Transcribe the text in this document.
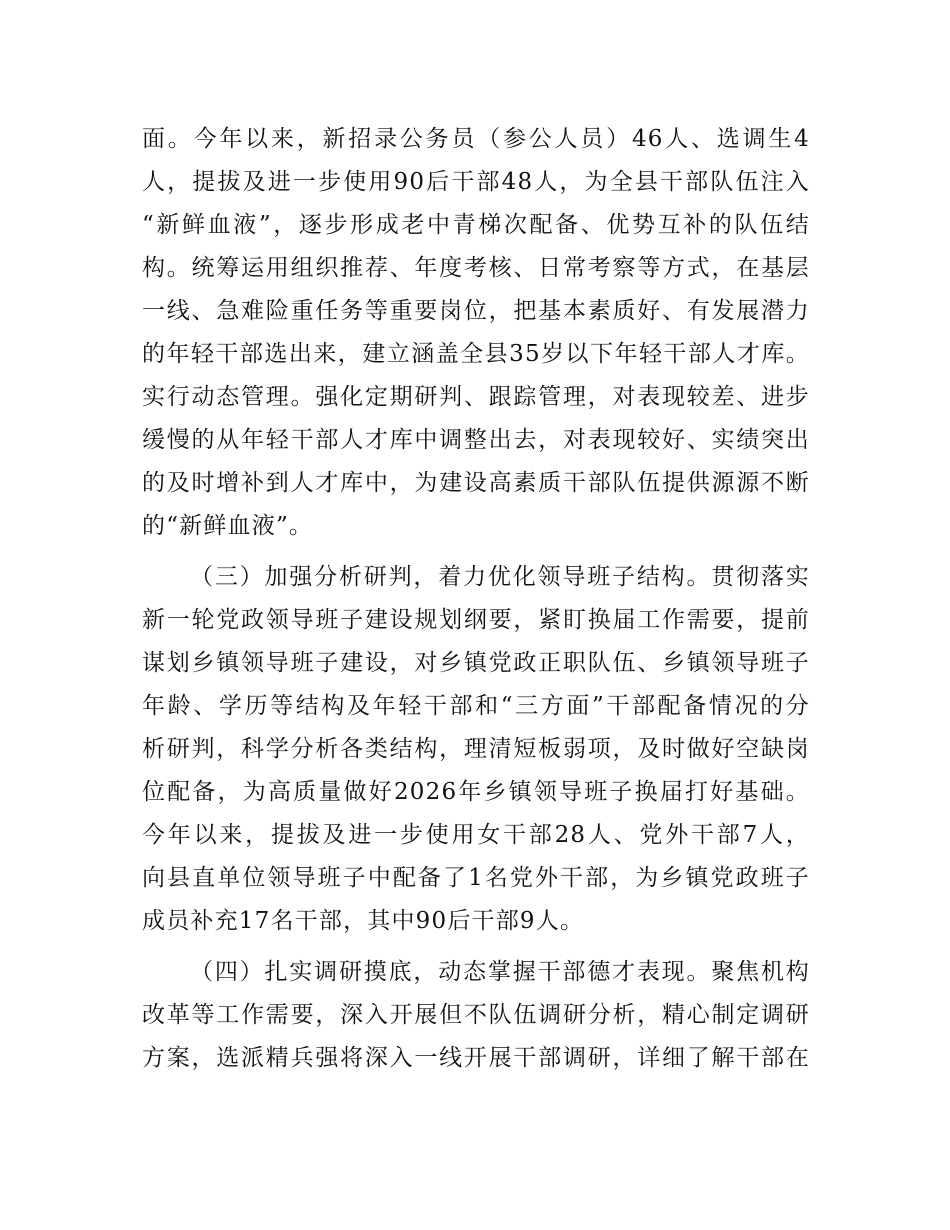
面。今年以来，新招录公务员（参公人员）46人、选调生4
人，提拔及进一步使用90后干部48人，为全县干部队伍注入
“新鲜血液”，逐步形成老中青梯次配备、优势互补的队伍结
构。统筹运用组织推荐、年度考核、日常考察等方式，在基层
一线、急难险重任务等重要岗位，把基本素质好、有发展潜力
的年轻干部选出来，建立涵盖全县35岁以下年轻干部人才库。
实行动态管理。强化定期研判、跟踪管理，对表现较差、进步
缓慢的从年轻干部人才库中调整出去，对表现较好、实绩突出
的及时增补到人才库中，为建设高素质干部队伍提供源源不断
的“新鲜血液”。
（三）加强分析研判，着力优化领导班子结构。贯彻落实
新一轮党政领导班子建设规划纲要，紧盯换届工作需要，提前
谋划乡镇领导班子建设，对乡镇党政正职队伍、乡镇领导班子
年龄、学历等结构及年轻干部和“三方面”干部配备情况的分
析研判，科学分析各类结构，理清短板弱项，及时做好空缺岗
位配备，为高质量做好2026年乡镇领导班子换届打好基础。
今年以来，提拔及进一步使用女干部28人、党外干部7人，
向县直单位领导班子中配备了1名党外干部，为乡镇党政班子
成员补充17名干部，其中90后干部9人。
（四）扎实调研摸底，动态掌握干部德才表现。聚焦机构
改革等工作需要，深入开展但不队伍调研分析，精心制定调研
方案，选派精兵强将深入一线开展干部调研，详细了解干部在
